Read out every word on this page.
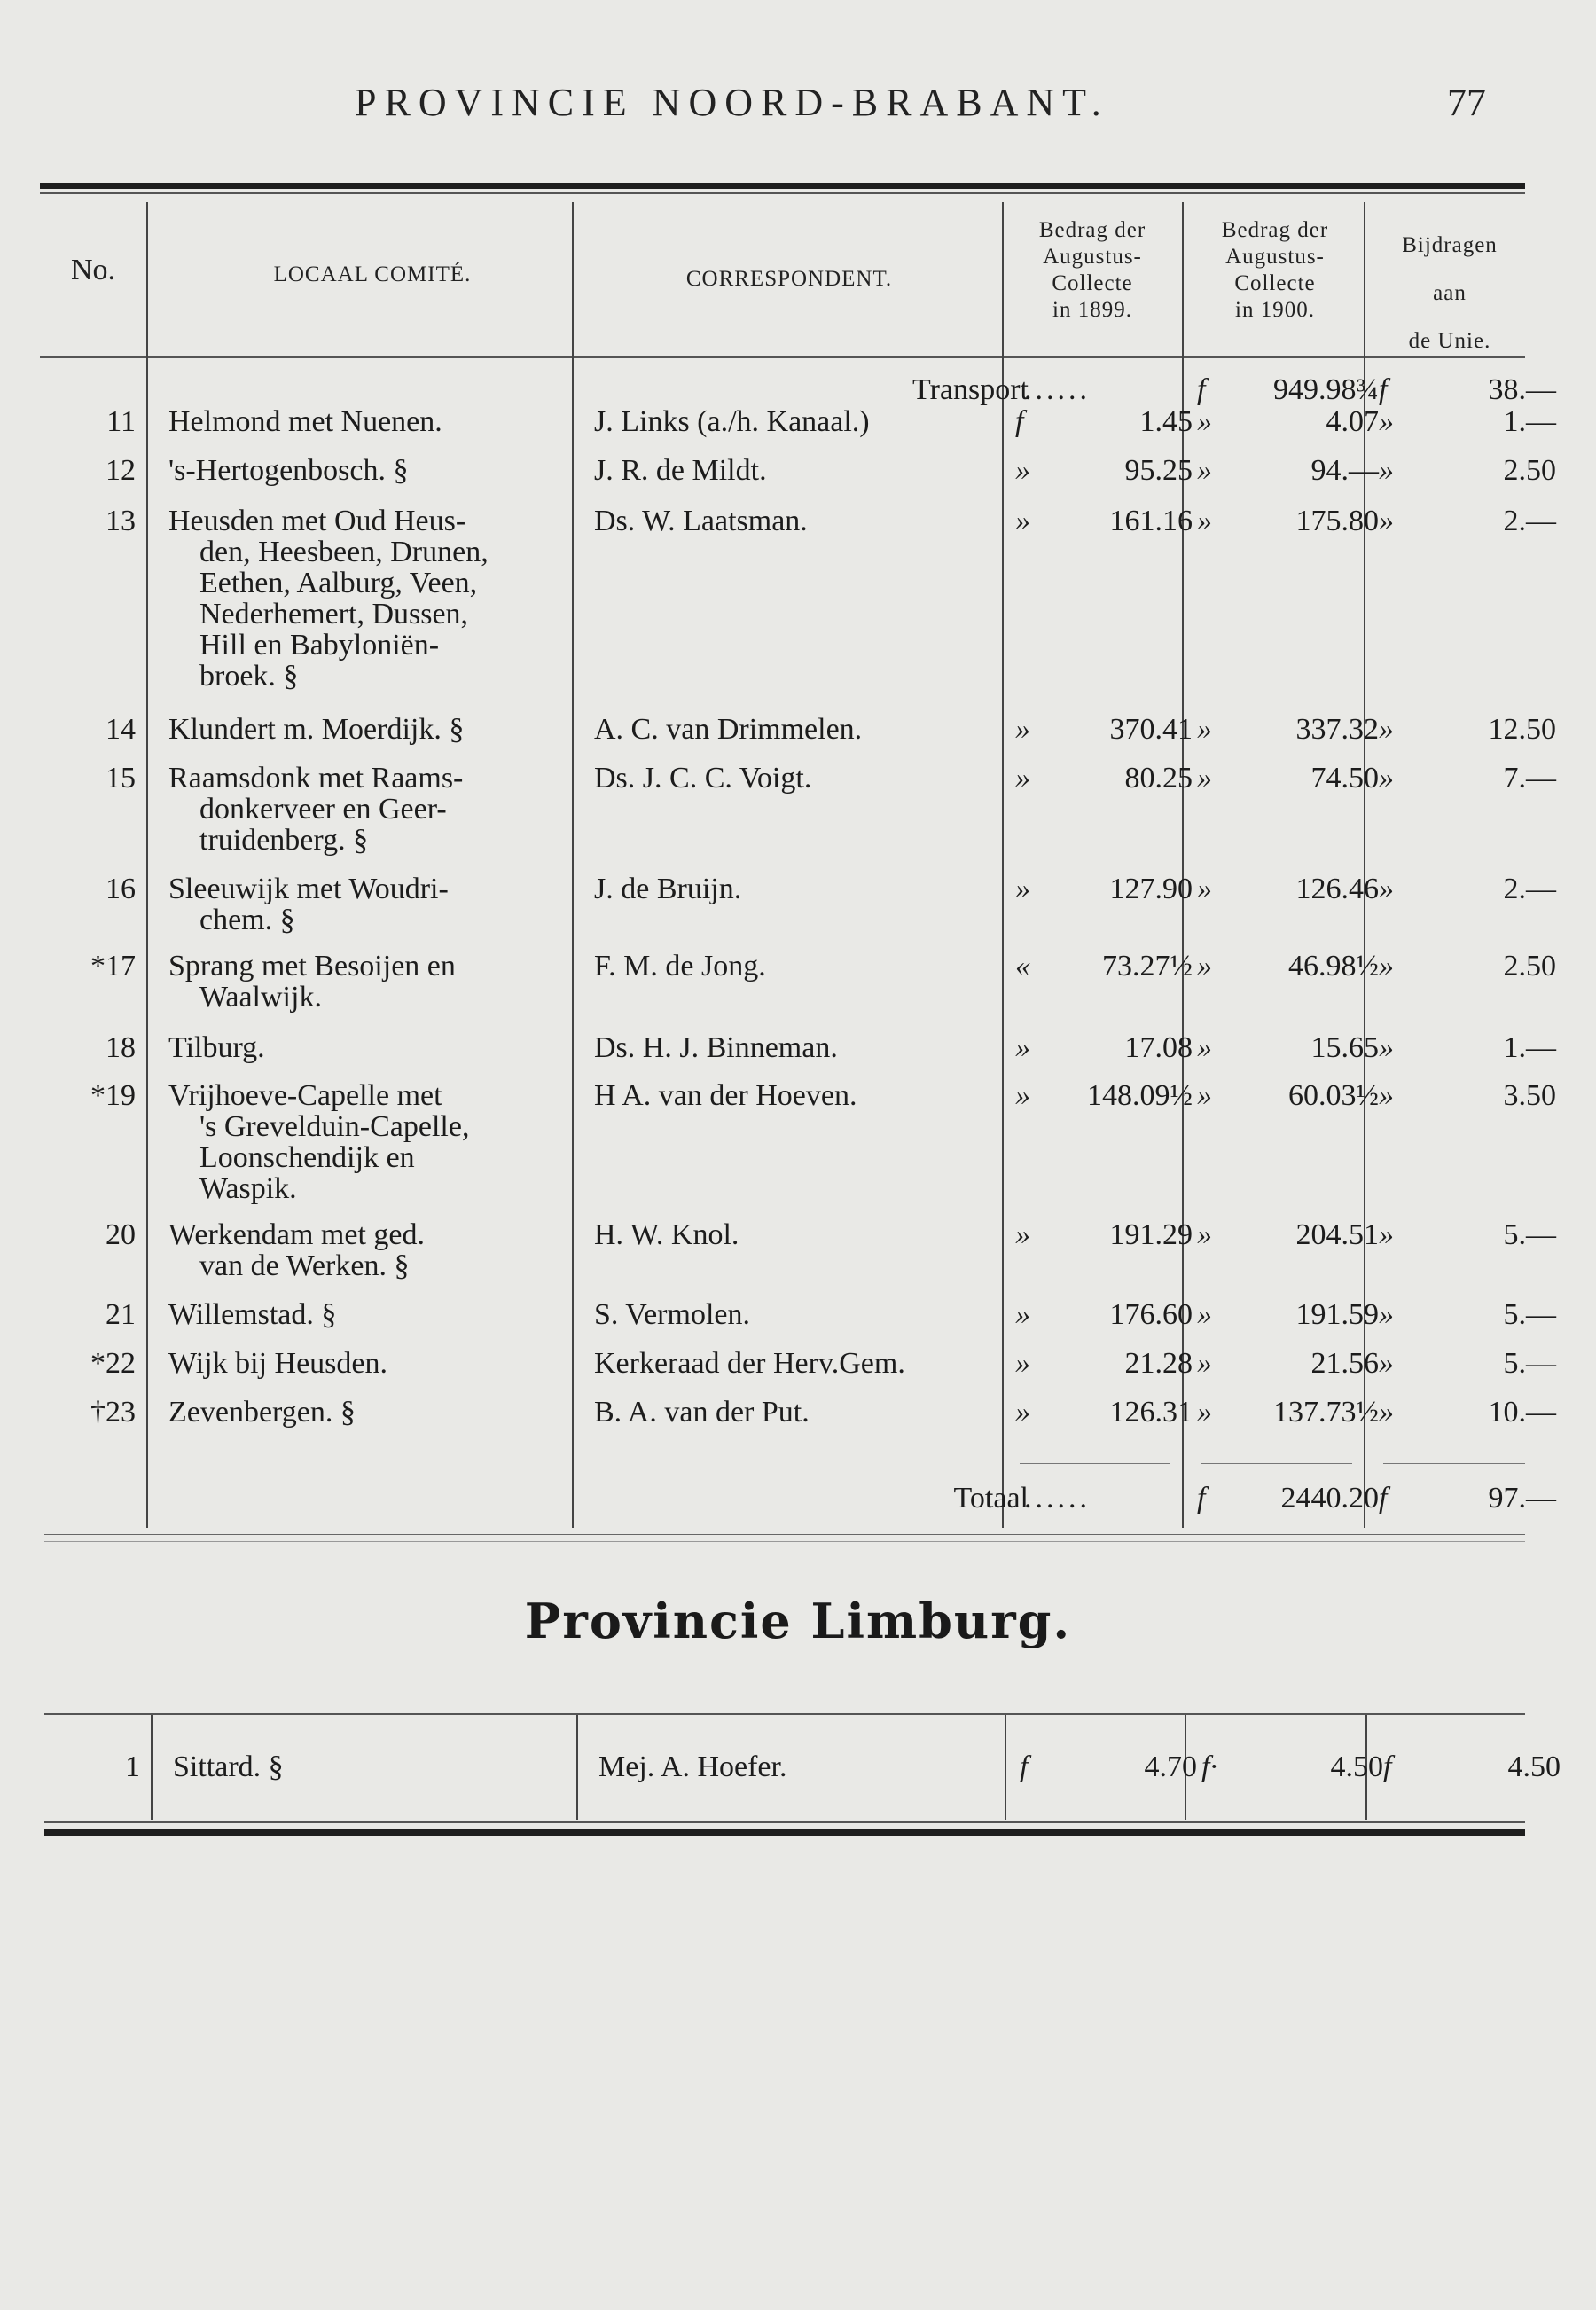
PROVINCIE NOORD-BRABANT.	77
No.	LOCAAL COMITÉ.	CORRESPONDENT.
Bedrag der
Augustus-
Collecte
in 1899.
Bedrag der
Augustus-
Collecte
in 1900.
Bijdragen
aan
de Unie.
Transport
......	f	949.98¾ f	38.—
11 Helmond met Nuenen.	J. Links (a./h. Kanaal.)	f	1.45 »	4.07 »	1.—
12 's-Hertogenbosch. §	J. R. de Mildt.	»	95.25 »	94.— »	2.50
13 Heusden met Oud Heus-
den, Heesbeen, Drunen,
Eethen, Aalburg, Veen,
Nederhemert, Dussen,
Hill en Babyloniën-
broek. §
Ds. W. Laatsman.	»	161.16 »	175.80 »	2.—
14 Klundert m. Moerdijk. §	A. C. van Drimmelen.	»	370.41 »	337.32 »	12.50
15 Raamsdonk met Raams-
donkerveer en Geer-
truidenberg. §
Ds. J. C. C. Voigt.	»	80.25 »	74.50 »	7.—
16 Sleeuwijk met Woudri-
chem. §
J. de Bruijn.	»	127.90 »	126.46 »	2.—
*17 Sprang met Besoijen en
Waalwijk.
F. M. de Jong.	«	73.27½ »	46.98½ »	2.50
18 Tilburg.	Ds. H. J. Binneman.	»	17.08 »	15.65 »	1.—
*19 Vrijhoeve-Capelle met
's Grevelduin-Capelle,
Loonschendijk en
Waspik.
H A. van der Hoeven.	»	148.09½ »	60.03½ »	3.50
20 Werkendam met ged.
van de Werken. §
H. W. Knol.	»	191.29 »	204.51 »	5.—
21 Willemstad. §	S. Vermolen.	»	176.60 »	191.59 »	5.—
*22 Wijk bij Heusden.	Kerkeraad der Herv.Gem.	»	21.28 »	21.56 »	5.—
†23 Zevenbergen. §	B. A. van der Put.	»	126.31 »	137.73½ »	10.—
Totaal
......	f	2440.20 f	97.—
Provincie Limburg.
1 Sittard. §	Mej. A. Hoefer.	f	4.70 f·	4.50 f	4.50
